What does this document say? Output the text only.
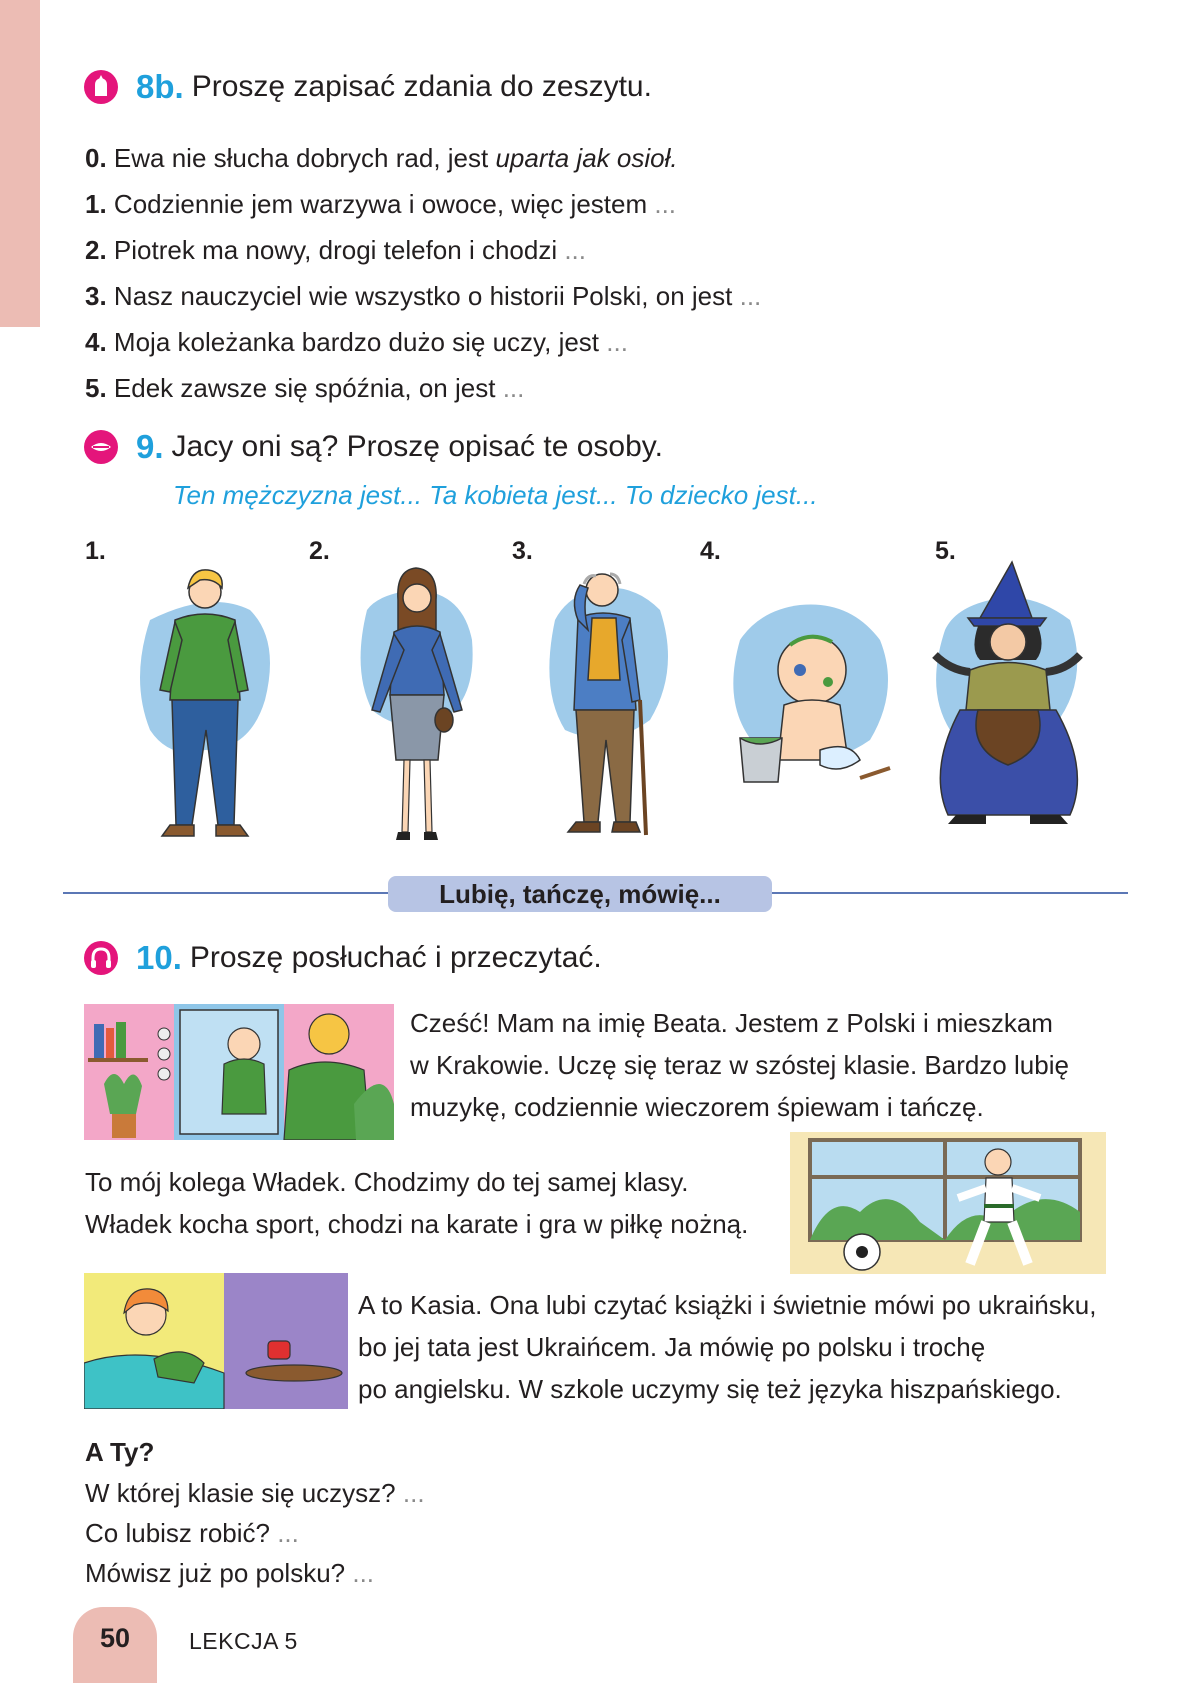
8b. Proszę zapisać zdania do zeszytu.
0. Ewa nie słucha dobrych rad, jest uparta jak osioł.
1. Codziennie jem warzywa i owoce, więc jestem ...
2. Piotrek ma nowy, drogi telefon i chodzi ...
3. Nasz nauczyciel wie wszystko o historii Polski, on jest ...
4. Moja koleżanka bardzo dużo się uczy, jest ...
5. Edek zawsze się spóźnia, on jest ...
9. Jacy oni są? Proszę opisać te osoby.
Ten mężczyzna jest... Ta kobieta jest... To dziecko jest...
1.	2.	3.	4.	5.
Lubię, tańczę, mówię...
10. Proszę posłuchać i przeczytać.
Cześć! Mam na imię Beata. Jestem z Polski i mieszkam
w Krakowie. Uczę się teraz w szóstej klasie. Bardzo lubię
muzykę, codziennie wieczorem śpiewam i tańczę.
To mój kolega Władek. Chodzimy do tej samej klasy.
Władek kocha sport, chodzi na karate i gra w piłkę nożną.
A to Kasia. Ona lubi czytać książki i świetnie mówi po ukraińsku,
bo jej tata jest Ukraińcem. Ja mówię po polsku i trochę
po angielsku. W szkole uczymy się też języka hiszpańskiego.
A Ty?
W której klasie się uczysz? ...
Co lubisz robić? ...
Mówisz już po polsku? ...
50	LEKCJA 5
